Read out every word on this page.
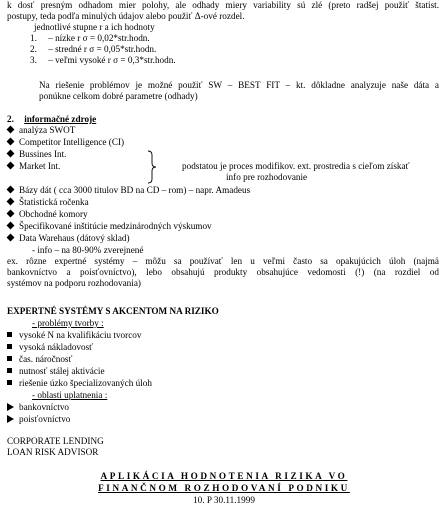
k dosť presným odhadom mier polohy, ale odhady miery variability sú zlé (preto radšej použiť štatist.
postupy, teda podľa minulých údajov alebo použiť Δ-ové rozdel.
jednotlivé stupne r a ich hodnoty
1. – nízke r σ = 0,02*str.hodn.
2. – stredné r σ = 0,05*str.hodn.
3. – veľmi vysoké r σ = 0,3*str.hodn.
Na riešenie problémov je možné použiť SW – BEST FIT – kt. dôkladne analyzuje naše dáta a
ponúkne celkom dobré parametre (odhady)
2. informačné zdroje
analýza SWOT
Competitor Intelligence (CI)
Bussines Int.
Market Int.	podstatou je proces modifikov. ext. prostredia s cieľom získať
info pre rozhodovanie
Bázy dát ( cca 3000 titulov BD na CD – rom) – napr. Amadeus
Štatistická ročenka
Obchodné komory
Špecifikované inštitúcie medzinárodných výskumov
Data Warehaus (dátový sklad)
- info – na 80-90% zverejnené
ex. rôzne expertné systémy – môžu sa používať len u veľmi často sa opakujúcich úloh (najmä
bankovníctvo a poisťovníctvo), lebo obsahujú produkty obsahujúce vedomosti (!) (na rozdiel od
systémov na podporu rozhodovania)
EXPERTNÉ SYSTÉMY S AKCENTOM NA RIZIKO
- problémy tvorby :
vysoké N na kvalifikáciu tvorcov
vysoká nákladovosť
čas. náročnosť
nutnosť stálej aktivácie
riešenie úzko špecializovaných úloh
- oblasti uplatnenia :
bankovníctvo
poisťovníctvo
CORPORATE LENDING
LOAN RISK ADVISOR
APLIKÁCIA HODNOTENIA RIZIKA VO
FINANČNOM ROZHODOVANÍ PODNIKU
10. P 30.11.1999
